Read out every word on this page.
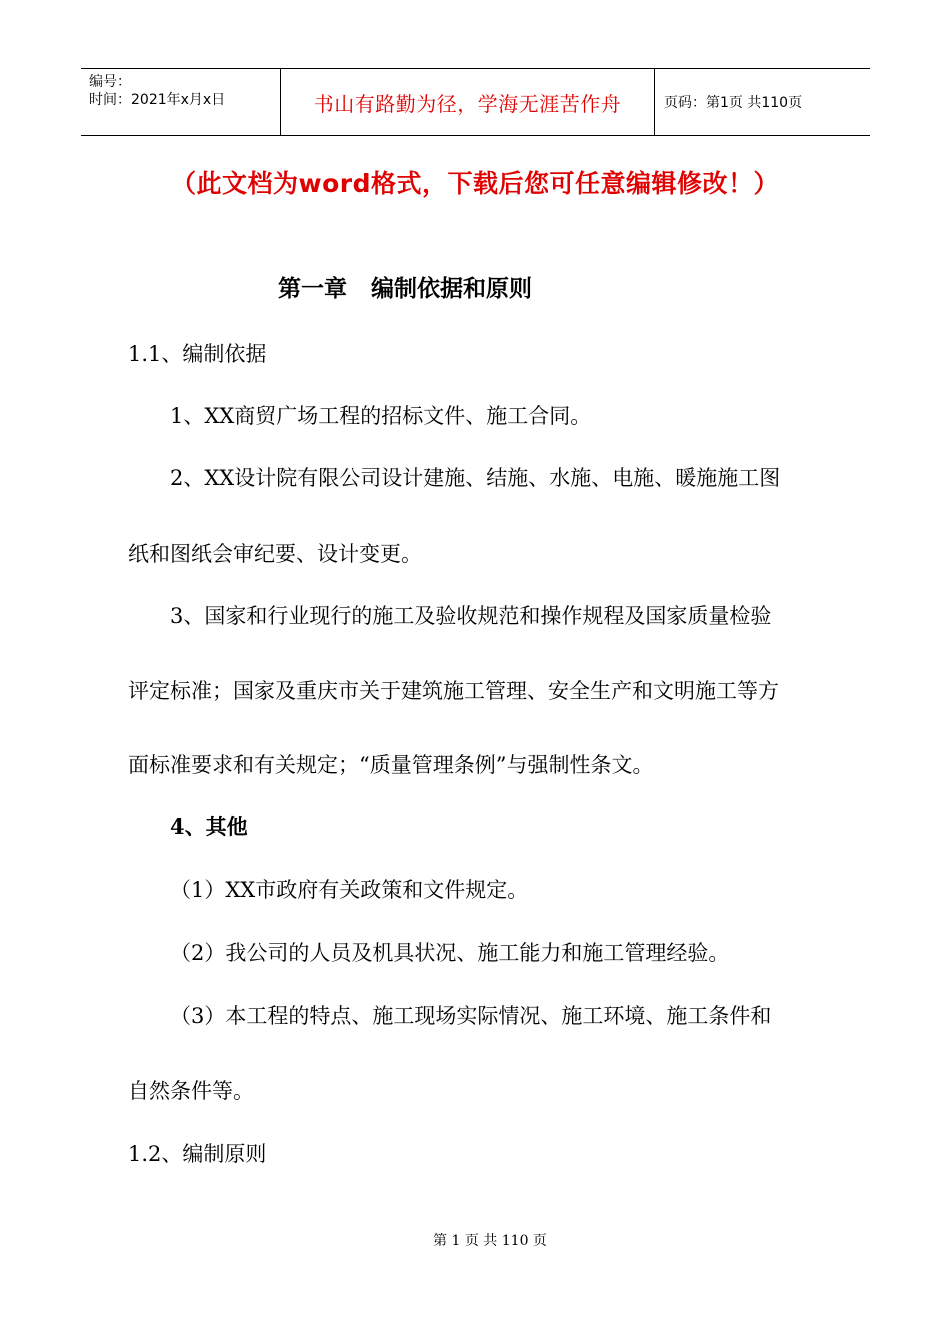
编号：
时间：2021年x月x日	书山有路勤为径，学海无涯苦作舟	页码：第1页 共110页
（此文档为word格式，下载后您可任意编辑修改！）
第一章   编制依据和原则
1.1、编制依据
1、XX商贸广场工程的招标文件、施工合同。
2、XX设计院有限公司设计建施、结施、水施、电施、暖施施工图
纸和图纸会审纪要、设计变更。
3、国家和行业现行的施工及验收规范和操作规程及国家质量检验
评定标准；国家及重庆市关于建筑施工管理、安全生产和文明施工等方
面标准要求和有关规定；“质量管理条例”与强制性条文。
4、其他
（1）XX市政府有关政策和文件规定。
（2）我公司的人员及机具状况、施工能力和施工管理经验。
（3）本工程的特点、施工现场实际情况、施工环境、施工条件和
自然条件等。
1.2、编制原则
第 1 页 共 110 页
